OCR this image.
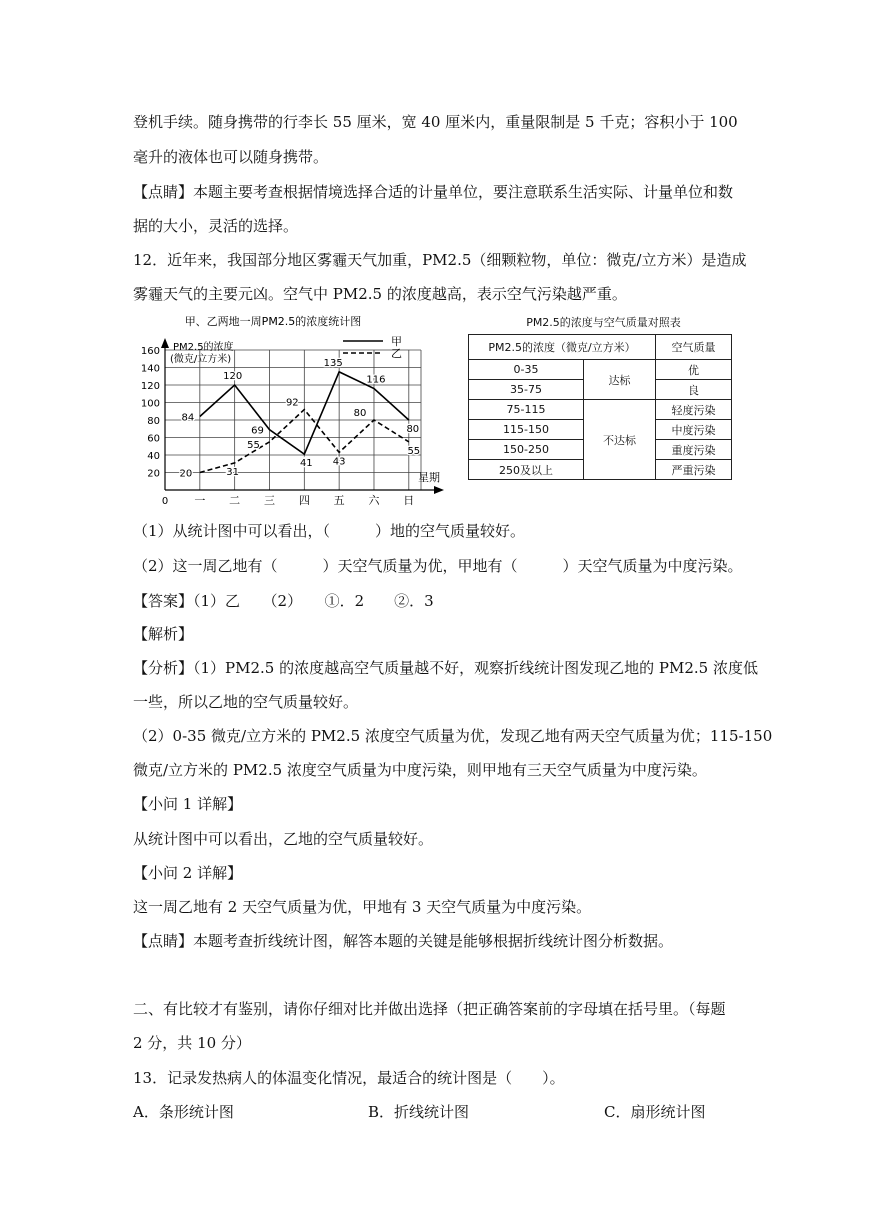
登机手续。随身携带的行李长 55 厘米，宽 40 厘米内，重量限制是 5 千克；容积小于 100
毫升的液体也可以随身携带。
【点睛】本题主要考查根据情境选择合适的计量单位，要注意联系生活实际、计量单位和数
据的大小，灵活的选择。
12．近年来，我国部分地区雾霾天气加重，PM2.5（细颗粒物，单位：微克/立方米）是造成
雾霾天气的主要元凶。空气中 PM2.5 的浓度越高，表示空气污染越严重。
甲、乙两地一周PM2.5的浓度统计图
20
40
60
80
100
120
140
160
一 二 三 四 五 六 日
0
星期
PM2.5的浓度
(微克/立方米)
甲
乙
84
120
69
41
135
116
80
20	31
55
92
43
80
55
PM2.5的浓度与空气质量对照表
PM2.5的浓度（微克/立方米）		空气质量
0-35	达标	优
35-75		良
75-115	不达标	轻度污染
115-150		中度污染
150-250		重度污染
250及以上		严重污染
（1）从统计图中可以看出，（　　　）地的空气质量较好。
（2）这一周乙地有（　　　）天空气质量为优，甲地有（　　　）天空气质量为中度污染。
【答案】（1）乙　　（2）　　①．2　　②．3
【解析】
【分析】（1）PM2.5 的浓度越高空气质量越不好，观察折线统计图发现乙地的 PM2.5 浓度低
一些，所以乙地的空气质量较好。
（2）0-35 微克/立方米的 PM2.5 浓度空气质量为优，发现乙地有两天空气质量为优；115-150
微克/立方米的 PM2.5 浓度空气质量为中度污染，则甲地有三天空气质量为中度污染。
【小问 1 详解】
从统计图中可以看出，乙地的空气质量较好。
【小问 2 详解】
这一周乙地有 2 天空气质量为优，甲地有 3 天空气质量为中度污染。
【点睛】本题考查折线统计图，解答本题的关键是能够根据折线统计图分析数据。
二、有比较才有鉴别，请你仔细对比并做出选择（把正确答案前的字母填在括号里。（每题
2 分，共 10 分）
13．记录发热病人的体温变化情况，最适合的统计图是（　　）。
A．条形统计图	B．折线统计图	C．扇形统计图
